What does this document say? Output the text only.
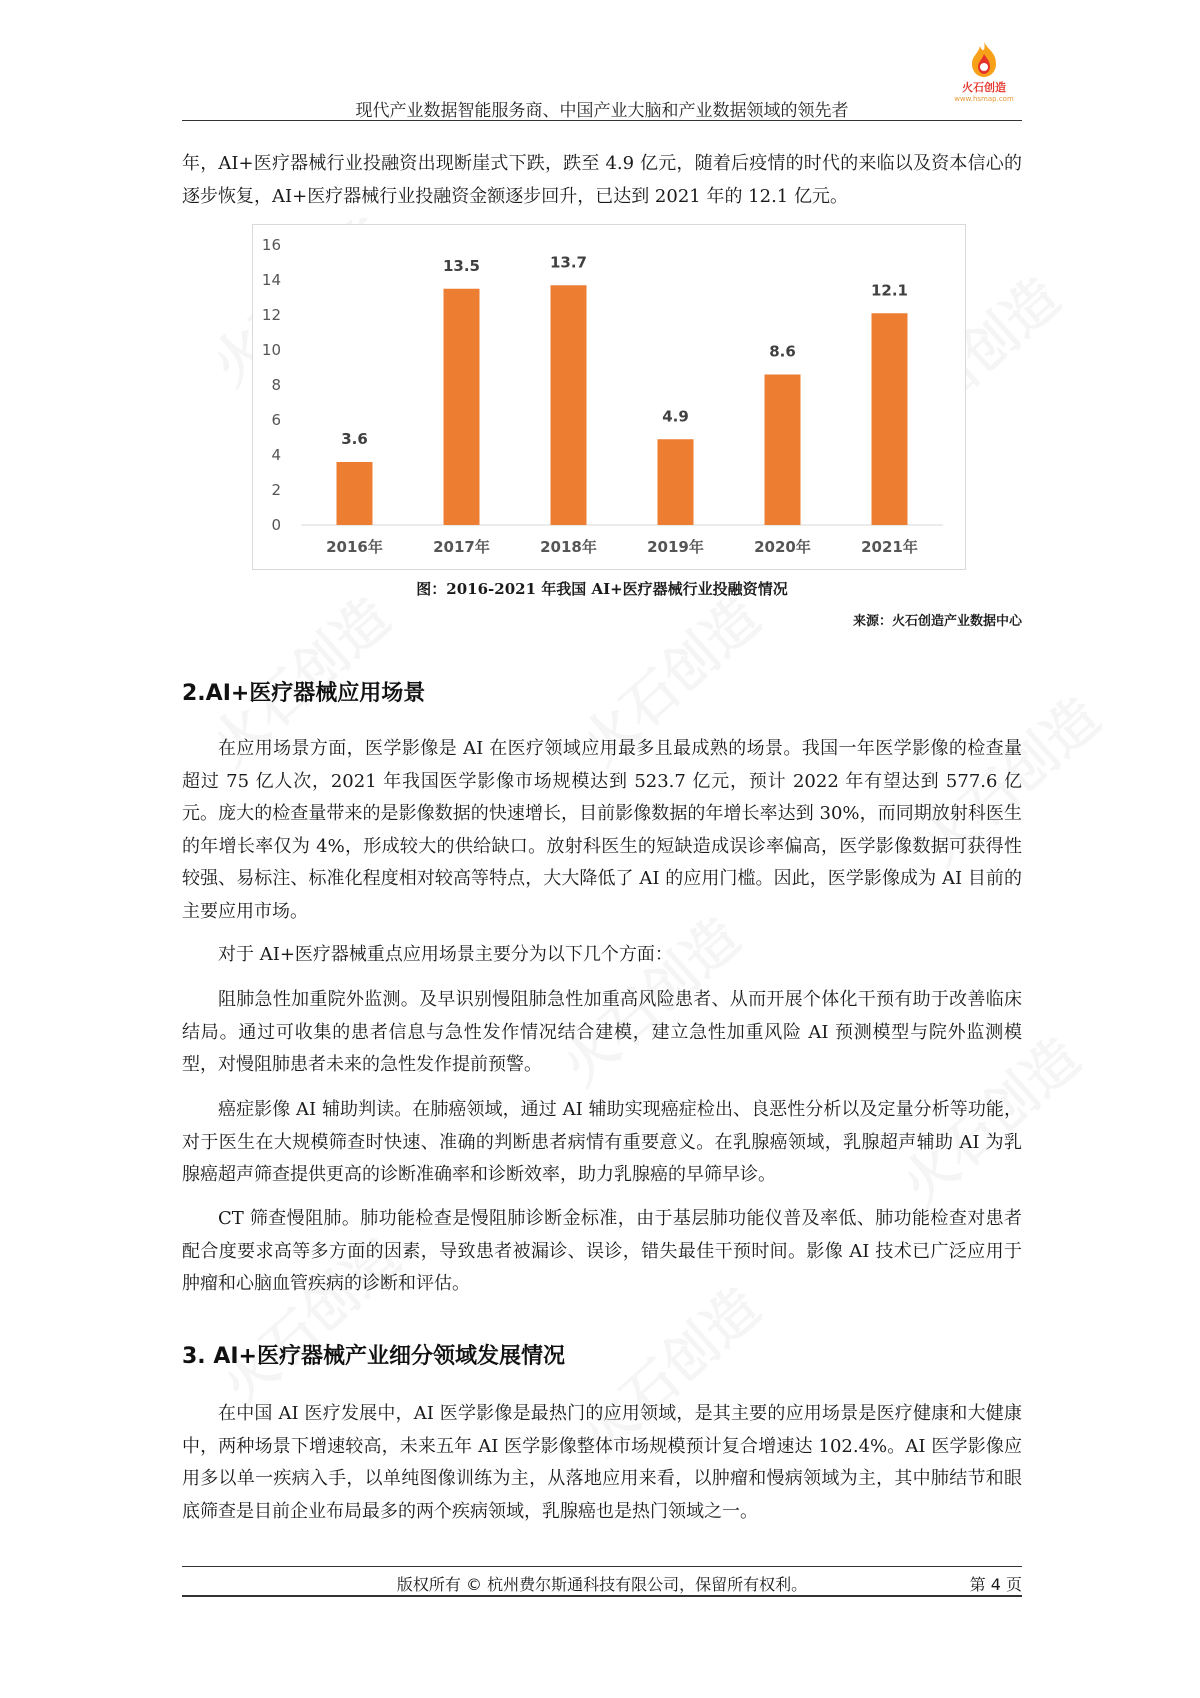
火石创造
www.hsmap.com
现代产业数据智能服务商、中国产业大脑和产业数据领域的领先者

年，AI+医疗器械行业投融资出现断崖式下跌，跌至 4.9 亿元，随着后疫情的时代的来临以及资本信心的逐步恢复，AI+医疗器械行业投融资金额逐步回升，已达到 2021 年的 12.1 亿元。

0
2
4
6
8
10
12
14
16
3.6
2016年
13.5
2017年
13.7
2018年
4.9
2019年
8.6
2020年
12.1
2021年
图：2016-2021 年我国 AI+医疗器械行业投融资情况
来源：火石创造产业数据中心
2.AI+医疗器械应用场景

在应用场景方面，医学影像是 AI 在医疗领域应用最多且最成熟的场景。我国一年医学影像的检查量超过 75 亿人次，2021 年我国医学影像市场规模达到 523.7 亿元，预计 2022 年有望达到 577.6 亿元。庞大的检查量带来的是影像数据的快速增长，目前影像数据的年增长率达到 30%，而同期放射科医生的年增长率仅为 4%，形成较大的供给缺口。放射科医生的短缺造成误诊率偏高，医学影像数据可获得性较强、易标注、标准化程度相对较高等特点，大大降低了 AI 的应用门槛。因此，医学影像成为 AI 目前的主要应用市场。

对于 AI+医疗器械重点应用场景主要分为以下几个方面：

阻肺急性加重院外监测。及早识别慢阻肺急性加重高风险患者、从而开展个体化干预有助于改善临床结局。通过可收集的患者信息与急性发作情况结合建模，建立急性加重风险 AI 预测模型与院外监测模型，对慢阻肺患者未来的急性发作提前预警。

癌症影像 AI 辅助判读。在肺癌领域，通过 AI 辅助实现癌症检出、良恶性分析以及定量分析等功能，对于医生在大规模筛查时快速、准确的判断患者病情有重要意义。在乳腺癌领域，乳腺超声辅助 AI 为乳腺癌超声筛查提供更高的诊断准确率和诊断效率，助力乳腺癌的早筛早诊。

CT 筛查慢阻肺。肺功能检查是慢阻肺诊断金标准，由于基层肺功能仪普及率低、肺功能检查对患者配合度要求高等多方面的因素，导致患者被漏诊、误诊，错失最佳干预时间。影像 AI 技术已广泛应用于肿瘤和心脑血管疾病的诊断和评估。

3. AI+医疗器械产业细分领域发展情况

在中国 AI 医疗发展中，AI 医学影像是最热门的应用领域，是其主要的应用场景是医疗健康和大健康中，两种场景下增速较高，未来五年 AI 医学影像整体市场规模预计复合增速达 102.4%。AI 医学影像应用多以单一疾病入手，以单纯图像训练为主，从落地应用来看，以肿瘤和慢病领域为主，其中肺结节和眼底筛查是目前企业布局最多的两个疾病领域，乳腺癌也是热门领域之一。

版权所有 © 杭州费尔斯通科技有限公司，保留所有权利。	第 4 页
